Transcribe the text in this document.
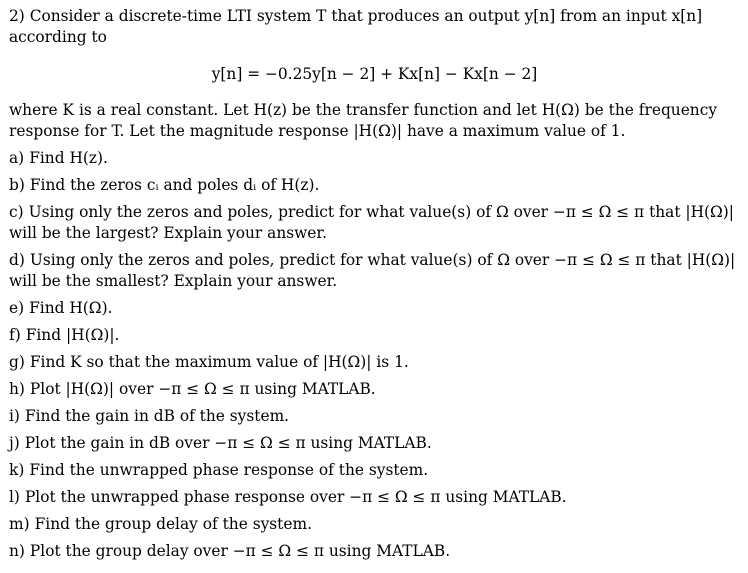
2) Consider a discrete-time LTI system T that produces an output y[n] from an input x[n] according to

y[n] = −0.25y[n − 2] + Kx[n] − Kx[n − 2]

where K is a real constant. Let H(z) be the transfer function and let H(Ω) be the frequency response for T. Let the magnitude response |H(Ω)| have a maximum value of 1.

a) Find H(z).
b) Find the zeros cᵢ and poles dᵢ of H(z).
c) Using only the zeros and poles, predict for what value(s) of Ω over −π ≤ Ω ≤ π that |H(Ω)| will be the largest? Explain your answer.
d) Using only the zeros and poles, predict for what value(s) of Ω over −π ≤ Ω ≤ π that |H(Ω)| will be the smallest? Explain your answer.
e) Find H(Ω).
f) Find |H(Ω)|.
g) Find K so that the maximum value of |H(Ω)| is 1.
h) Plot |H(Ω)| over −π ≤ Ω ≤ π using MATLAB.
i) Find the gain in dB of the system.
j) Plot the gain in dB over −π ≤ Ω ≤ π using MATLAB.
k) Find the unwrapped phase response of the system.
l) Plot the unwrapped phase response over −π ≤ Ω ≤ π using MATLAB.
m) Find the group delay of the system.
n) Plot the group delay over −π ≤ Ω ≤ π using MATLAB.
